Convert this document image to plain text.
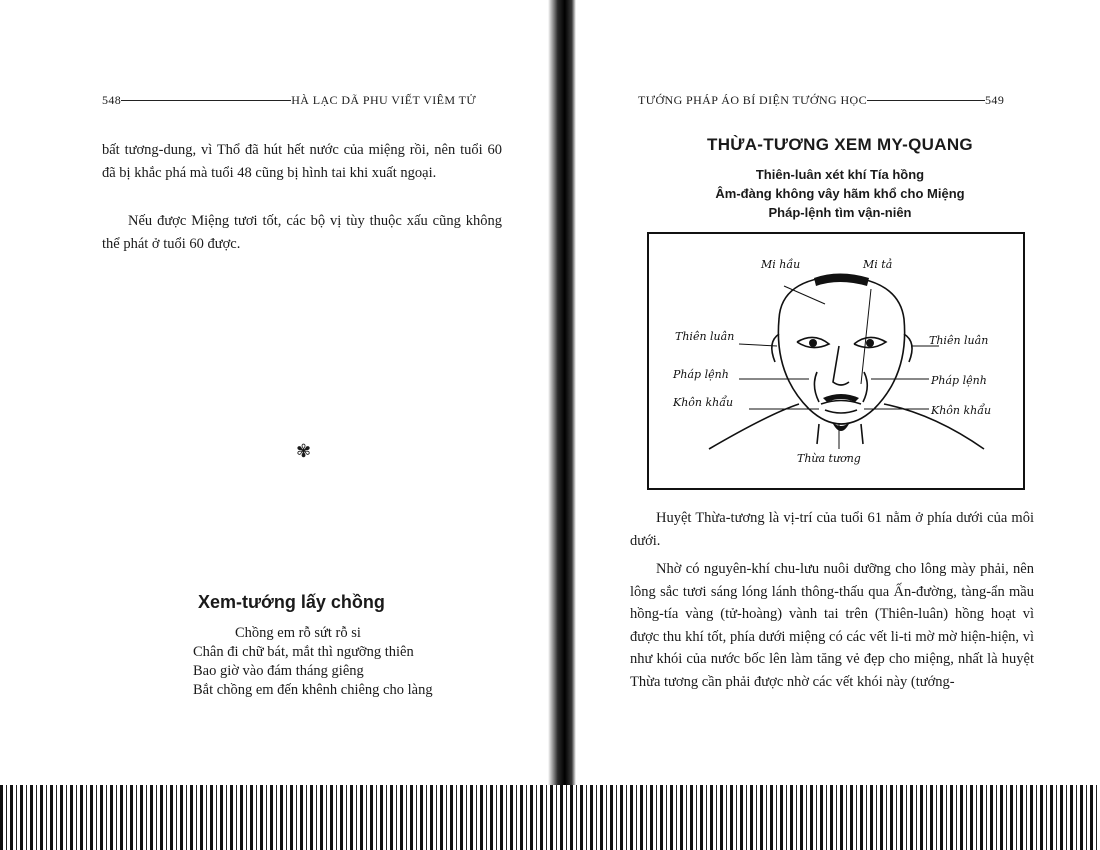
548	HÀ LẠC DÃ PHU VIẾT VIÊM TỬ

bất tương-dung, vì Thổ đã hút hết nước của miệng rồi, nên tuổi 60 đã bị khắc phá mà tuổi 48 cũng bị hình tai khi xuất ngoại.

Nếu được Miệng tươi tốt, các bộ vị tùy thuộc xấu cũng không thể phát ở tuổi 60 được.

✾
Xem-tướng lấy chồng
Chồng em rỗ sứt rỗ si
Chân đi chữ bát, mắt thì ngưỡng thiên
Bao giờ vào đám tháng giêng
Bắt chồng em đến khênh chiêng cho làng
TƯỚNG PHÁP ÁO BÍ DIỆN TƯỚNG HỌC	549
THỪA-TƯƠNG XEM MY-QUANG
Thiên-luân xét khí Tía hồng
Âm-đàng không vây hãm khổ cho Miệng
Pháp-lệnh tìm vận-niên
Mi hầu	Mi tả
Thiên luân	Thiên luân
Pháp lệnh	Pháp lệnh
Khôn khẩu
Khôn khẩu
Thừa tương

Huyệt Thừa-tương là vị-trí của tuổi 61 nằm ở phía dưới của môi dưới.

Nhờ có nguyên-khí chu-lưu nuôi dưỡng cho lông mày phải, nên lông sắc tươi sáng lóng lánh thông-thấu qua Ấn-đường, tàng-ẩn mầu hồng-tía vàng (tử-hoàng) vành tai trên (Thiên-luân) hồng hoạt vì được thu khí tốt, phía dưới miệng có các vết li-ti mờ mờ hiện-hiện, vì như khói của nước bốc lên làm tăng vẻ đẹp cho miệng, nhất là huyệt Thừa tương cần phải được nhờ các vết khói này (tướng-
